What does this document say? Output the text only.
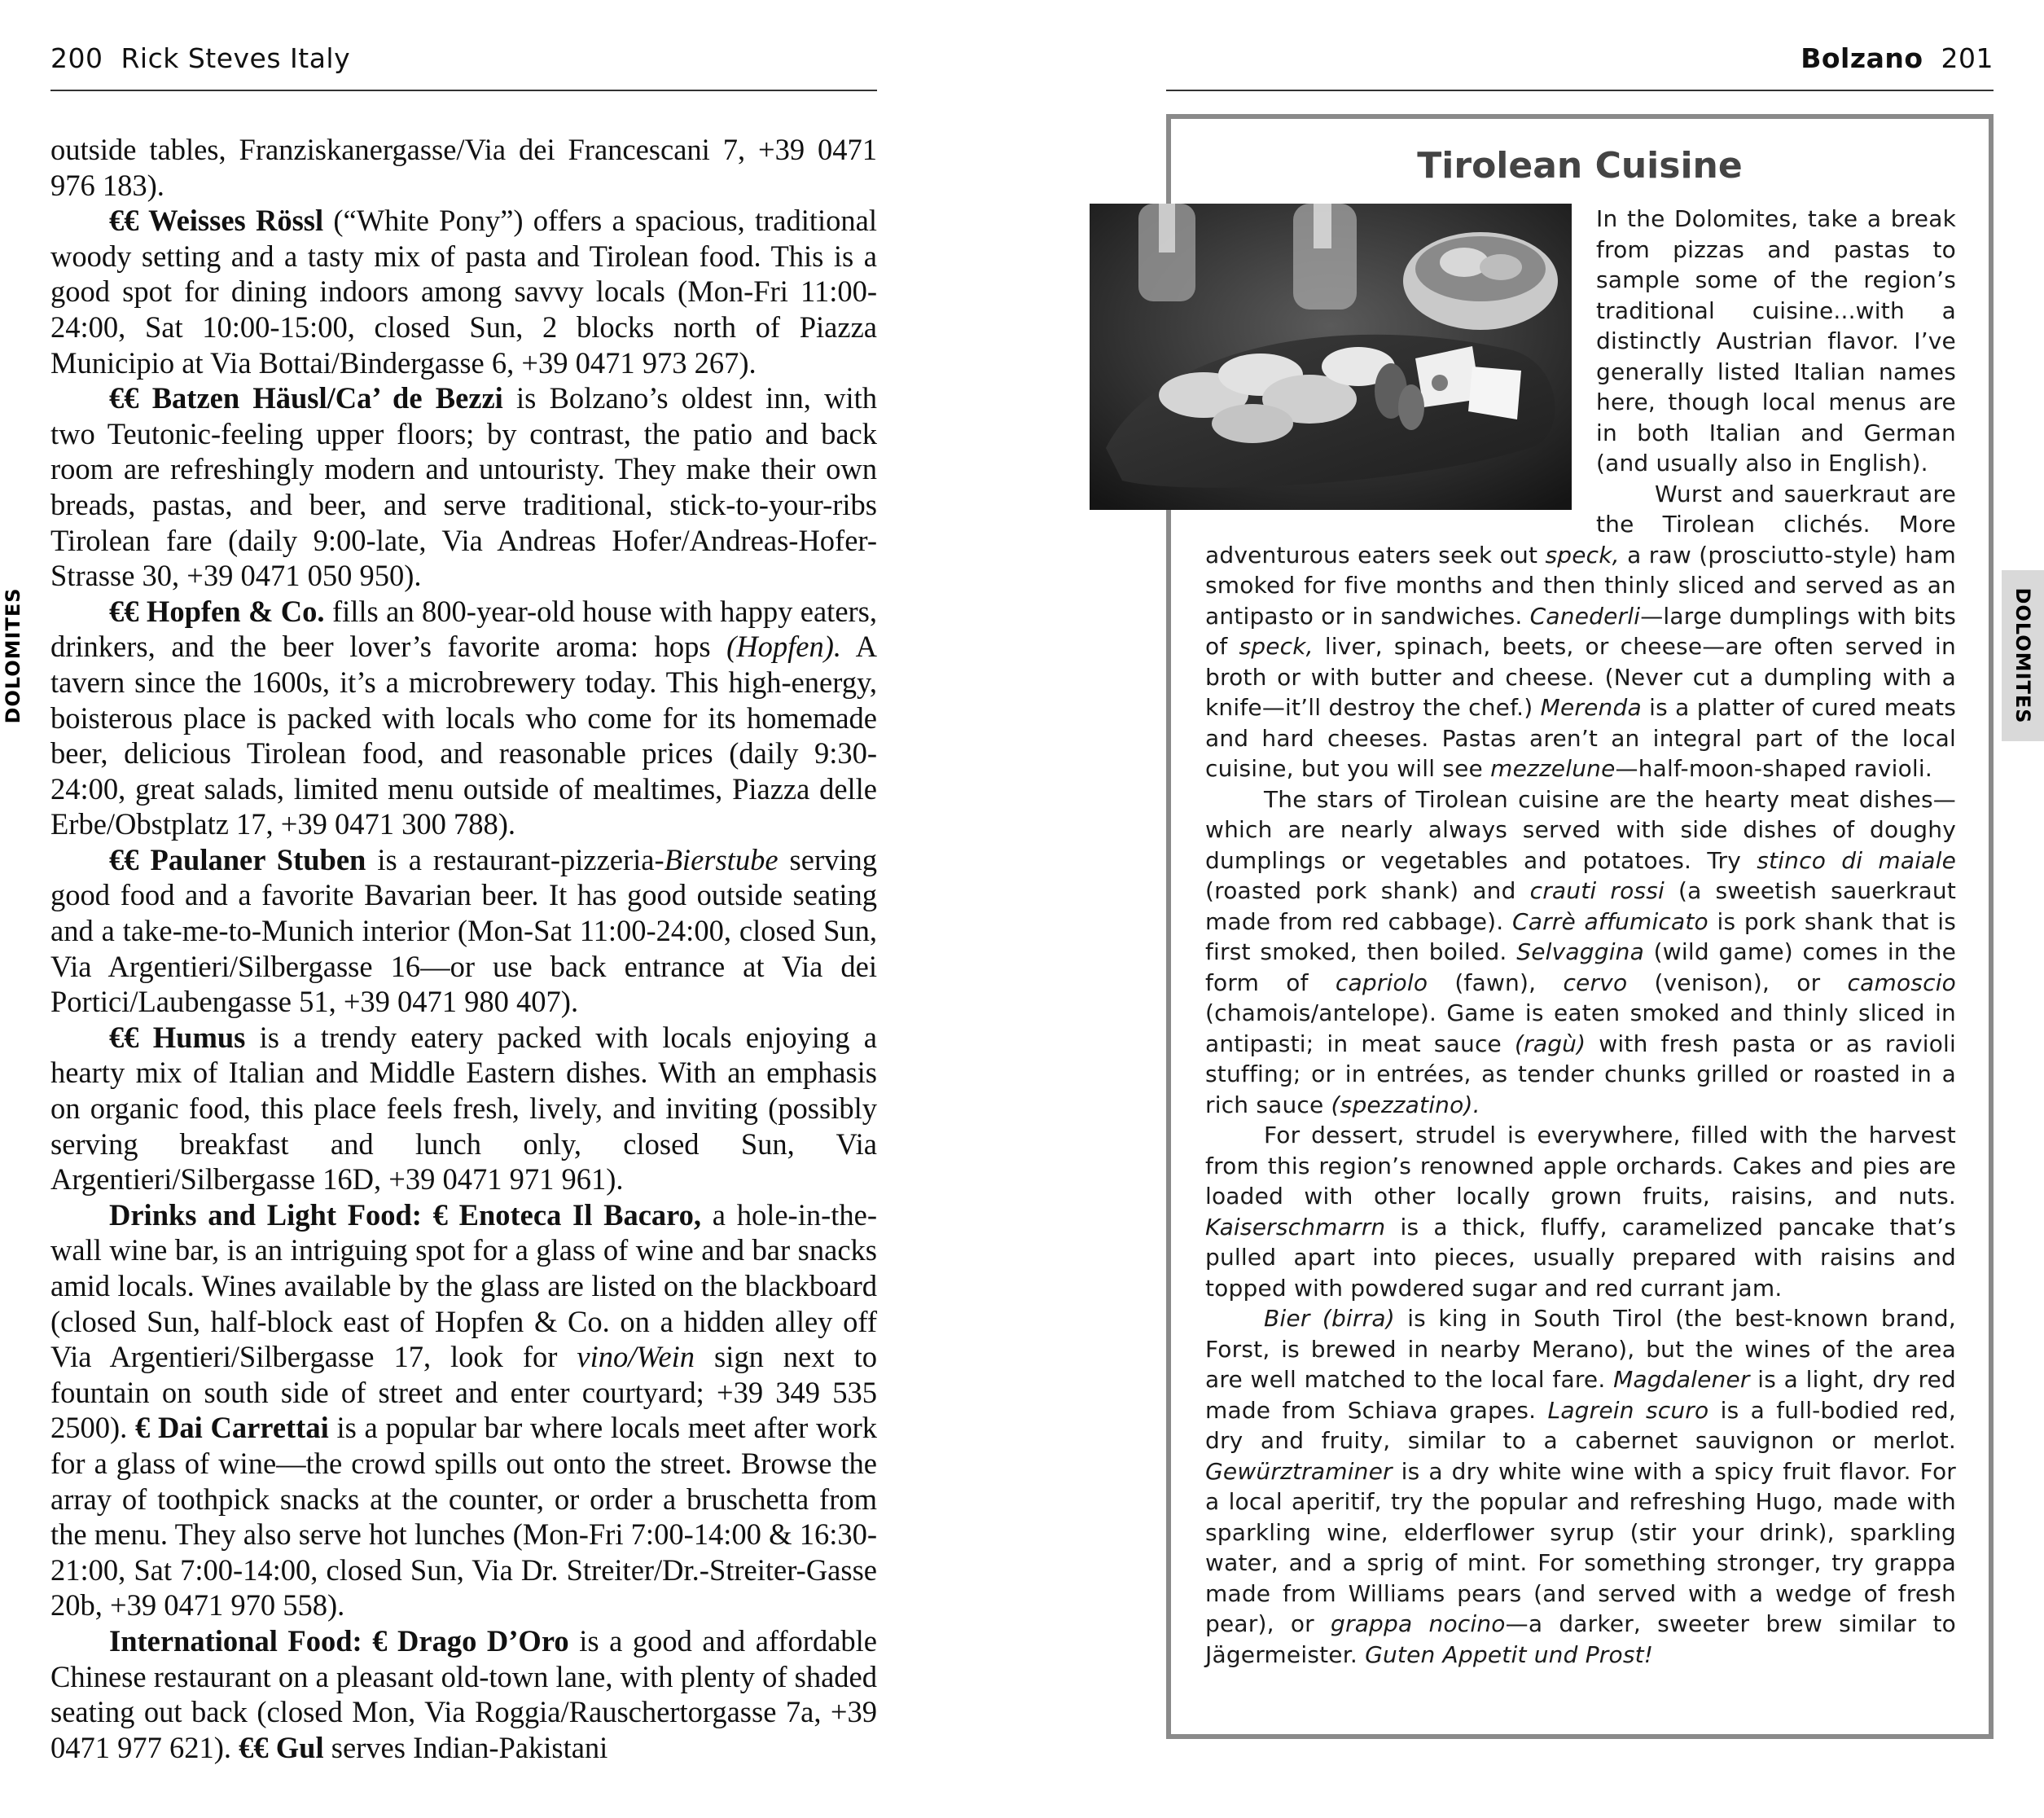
200 Rick Steves Italy
DOLOMITES

outside tables, Franziskanergasse/Via dei Francescani 7, +39 0471 976 183).

€€ Weisses Rössl (“White Pony”) offers a spacious, traditional woody setting and a tasty mix of pasta and Tirolean food. This is a good spot for dining indoors among savvy locals (Mon-Fri 11:00-24:00, Sat 10:00-15:00, closed Sun, 2 blocks north of Piazza Municipio at Via Bottai/Bindergasse 6, +39 0471 973 267).

€€ Batzen Häusl/Ca’ de Bezzi is Bolzano’s oldest inn, with two Teutonic-feeling upper floors; by contrast, the patio and back room are refreshingly modern and untouristy. They make their own breads, pastas, and beer, and serve traditional, stick-to-your-ribs Tirolean fare (daily 9:00-late, Via Andreas Hofer/Andreas-Hofer-Strasse 30, +39 0471 050 950).

€€ Hopfen & Co. fills an 800-year-old house with happy eaters, drinkers, and the beer lover’s favorite aroma: hops (Hopfen). A tavern since the 1600s, it’s a microbrewery today. This high-energy, boisterous place is packed with locals who come for its homemade beer, delicious Tirolean food, and reasonable prices (daily 9:30-24:00, great salads, limited menu outside of mealtimes, Piazza delle Erbe/Obstplatz 17, +39 0471 300 788).

€€ Paulaner Stuben is a restaurant-pizzeria-Bierstube serving good food and a favorite Bavarian beer. It has good outside seating and a take-me-to-Munich interior (Mon-Sat 11:00-24:00, closed Sun, Via Argentieri/Silbergasse 16—or use back entrance at Via dei Portici/Laubengasse 51, +39 0471 980 407).

€€ Humus is a trendy eatery packed with locals enjoying a hearty mix of Italian and Middle Eastern dishes. With an emphasis on organic food, this place feels fresh, lively, and inviting (possibly serving breakfast and lunch only, closed Sun, Via Argentieri/Silbergasse 16D, +39 0471 971 961).

Drinks and Light Food: € Enoteca Il Bacaro, a hole-in-the-wall wine bar, is an intriguing spot for a glass of wine and bar snacks amid locals. Wines available by the glass are listed on the blackboard (closed Sun, half-block east of Hopfen & Co. on a hidden alley off Via Argentieri/Silbergasse 17, look for vino/Wein sign next to fountain on south side of street and enter courtyard; +39 349 535 2500). € Dai Carrettai is a popular bar where locals meet after work for a glass of wine—the crowd spills out onto the street. Browse the array of toothpick snacks at the counter, or order a bruschetta from the menu. They also serve hot lunches (Mon-Fri 7:00-14:00 & 16:30-21:00, Sat 7:00-14:00, closed Sun, Via Dr. Streiter/Dr.-Streiter-Gasse 20b, +39 0471 970 558).

International Food: € Drago D’Oro is a good and affordable Chinese restaurant on a pleasant old-town lane, with plenty of shaded seating out back (closed Mon, Via Roggia/Rauschertorgasse 7a, +39 0471 977 621). €€ Gul serves Indian-Pakistani

Bolzano 201
DOLOMITES
Tirolean Cuisine

In the Dolomites, take a break from pizzas and pastas to sample some of the region’s traditional cuisine...with a distinctly Austrian flavor. I’ve generally listed Italian names here, though local menus are in both Italian and German (and usually also in English).

Wurst and sauerkraut are the Tirolean clichés. More adventurous eaters seek out speck, a raw (prosciutto-style) ham smoked for five months and then thinly sliced and served as an antipasto or in sandwiches. Canederli—large dumplings with bits of speck, liver, spinach, beets, or cheese—are often served in broth or with butter and cheese. (Never cut a dumpling with a knife—it’ll destroy the chef.) Merenda is a platter of cured meats and hard cheeses. Pastas aren’t an integral part of the local cuisine, but you will see mezzelune—half-moon-shaped ravioli.

The stars of Tirolean cuisine are the hearty meat dishes—which are nearly always served with side dishes of doughy dumplings or vegetables and potatoes. Try stinco di maiale (roasted pork shank) and crauti rossi (a sweetish sauerkraut made from red cabbage). Carrè affumicato is pork shank that is first smoked, then boiled. Selvaggina (wild game) comes in the form of capriolo (fawn), cervo (venison), or camoscio (chamois/antelope). Game is eaten smoked and thinly sliced in antipasti; in meat sauce (ragù) with fresh pasta or as ravioli stuffing; or in entrées, as tender chunks grilled or roasted in a rich sauce (spezzatino).

For dessert, strudel is everywhere, filled with the harvest from this region’s renowned apple orchards. Cakes and pies are loaded with other locally grown fruits, raisins, and nuts. Kaiserschmarrn is a thick, fluffy, caramelized pancake that’s pulled apart into pieces, usually prepared with raisins and topped with powdered sugar and red currant jam.

Bier (birra) is king in South Tirol (the best-known brand, Forst, is brewed in nearby Merano), but the wines of the area are well matched to the local fare. Magdalener is a light, dry red made from Schiava grapes. Lagrein scuro is a full-bodied red, dry and fruity, similar to a cabernet sauvignon or merlot. Gewürztraminer is a dry white wine with a spicy fruit flavor. For a local aperitif, try the popular and refreshing Hugo, made with sparkling wine, elderflower syrup (stir your drink), sparkling water, and a sprig of mint. For something stronger, try grappa made from Williams pears (and served with a wedge of fresh pear), or grappa nocino—a darker, sweeter brew similar to Jägermeister. Guten Appetit und Prost!
